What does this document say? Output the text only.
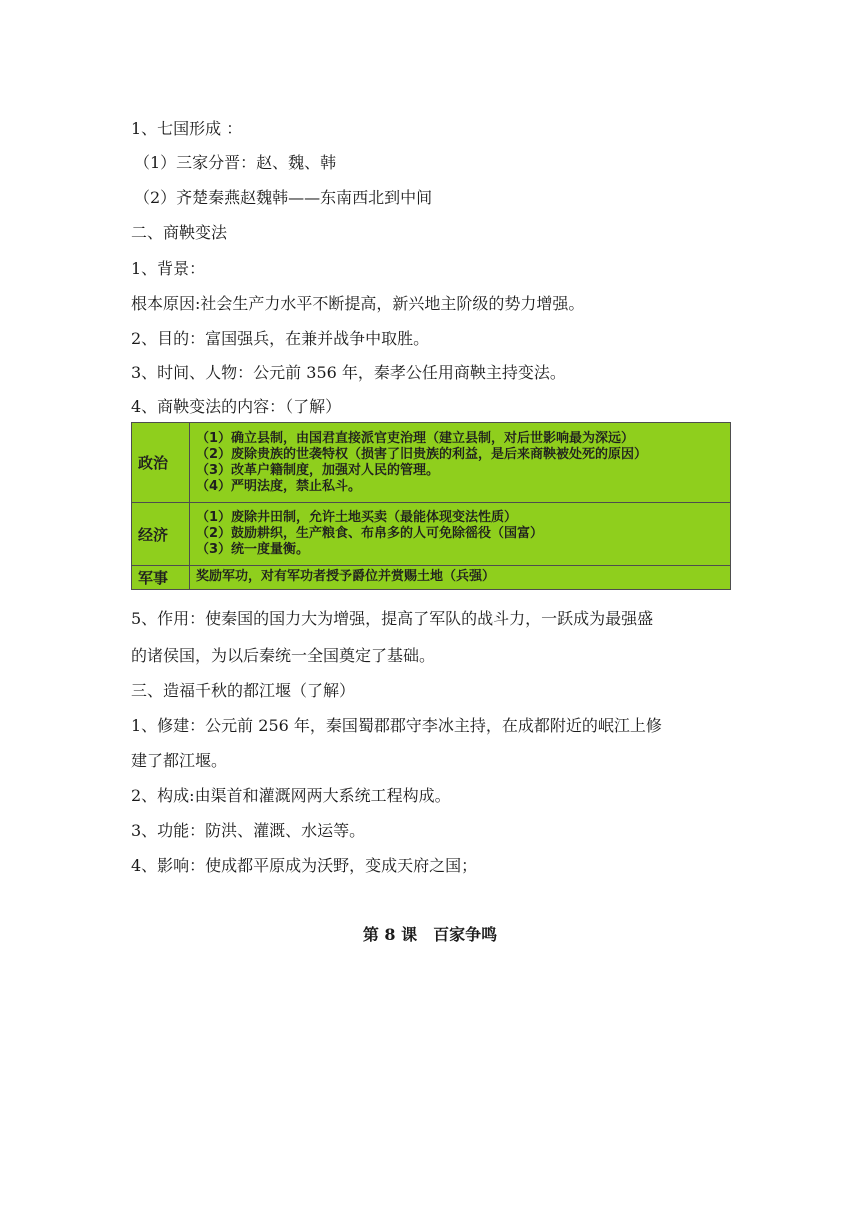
1、七国形成 ：
（1）三家分晋：赵、魏、韩
（2）齐楚秦燕赵魏韩——东南西北到中间
二、商鞅变法
1、背景：
根本原因:社会生产力水平不断提高，新兴地主阶级的势力增强。
2、目的：富国强兵，在兼并战争中取胜。
3、时间、人物：公元前 356 年，秦孝公任用商鞅主持变法。
4、商鞅变法的内容：（了解）
政治	（1）确立县制，由国君直接派官吏治理（建立县制，对后世影响最为深远）
（2）废除贵族的世袭特权（损害了旧贵族的利益，是后来商鞅被处死的原因）
（3）改革户籍制度，加强对人民的管理。
（4）严明法度，禁止私斗。

经济	（1）废除井田制，允许土地买卖（最能体现变法性质）
（2）鼓励耕织，生产粮食、布帛多的人可免除徭役（国富）
（3）统一度量衡。

军事	奖励军功，对有军功者授予爵位并赏赐土地（兵强）
5、作用：使秦国的国力大为增强，提高了军队的战斗力，一跃成为最强盛
的诸侯国，为以后秦统一全国奠定了基础。
三、造福千秋的都江堰（了解）
1、修建：公元前 256 年，秦国蜀郡郡守李冰主持，在成都附近的岷江上修
建了都江堰。
2、构成:由渠首和灌溉网两大系统工程构成。
3、功能：防洪、灌溉、水运等。
4、影响：使成都平原成为沃野，变成天府之国；
第 8 课　百家争鸣
